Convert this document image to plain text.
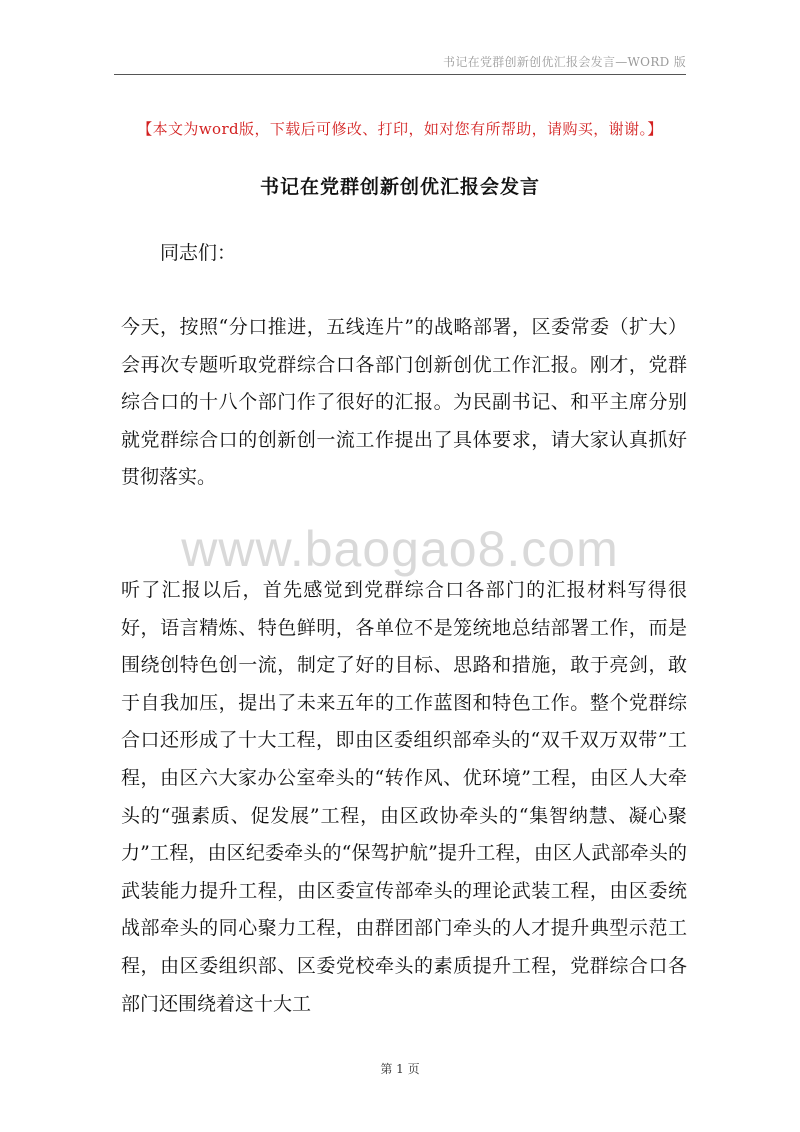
书记在党群创新创优汇报会发言—WORD 版
【本文为word版，下载后可修改、打印，如对您有所帮助，请购买，谢谢。】
书记在党群创新创优汇报会发言

同志们：

今天，按照“分口推进，五线连片”的战略部署，区委常委（扩大）会再次专题听取党群综合口各部门创新创优工作汇报。刚才，党群综合口的十八个部门作了很好的汇报。为民副书记、和平主席分别就党群综合口的创新创一流工作提出了具体要求，请大家认真抓好贯彻落实。

www.baogao8.com

听了汇报以后，首先感觉到党群综合口各部门的汇报材料写得很好，语言精炼、特色鲜明，各单位不是笼统地总结部署工作，而是围绕创特色创一流，制定了好的目标、思路和措施，敢于亮剑，敢于自我加压，提出了未来五年的工作蓝图和特色工作。整个党群综合口还形成了十大工程，即由区委组织部牵头的“双千双万双带”工程，由区六大家办公室牵头的“转作风、优环境”工程，由区人大牵头的“强素质、促发展”工程，由区政协牵头的“集智纳慧、凝心聚力”工程，由区纪委牵头的“保驾护航”提升工程，由区人武部牵头的武装能力提升工程，由区委宣传部牵头的理论武装工程，由区委统战部牵头的同心聚力工程，由群团部门牵头的人才提升典型示范工程，由区委组织部、区委党校牵头的素质提升工程，党群综合口各部门还围绕着这十大工

第 1 页
